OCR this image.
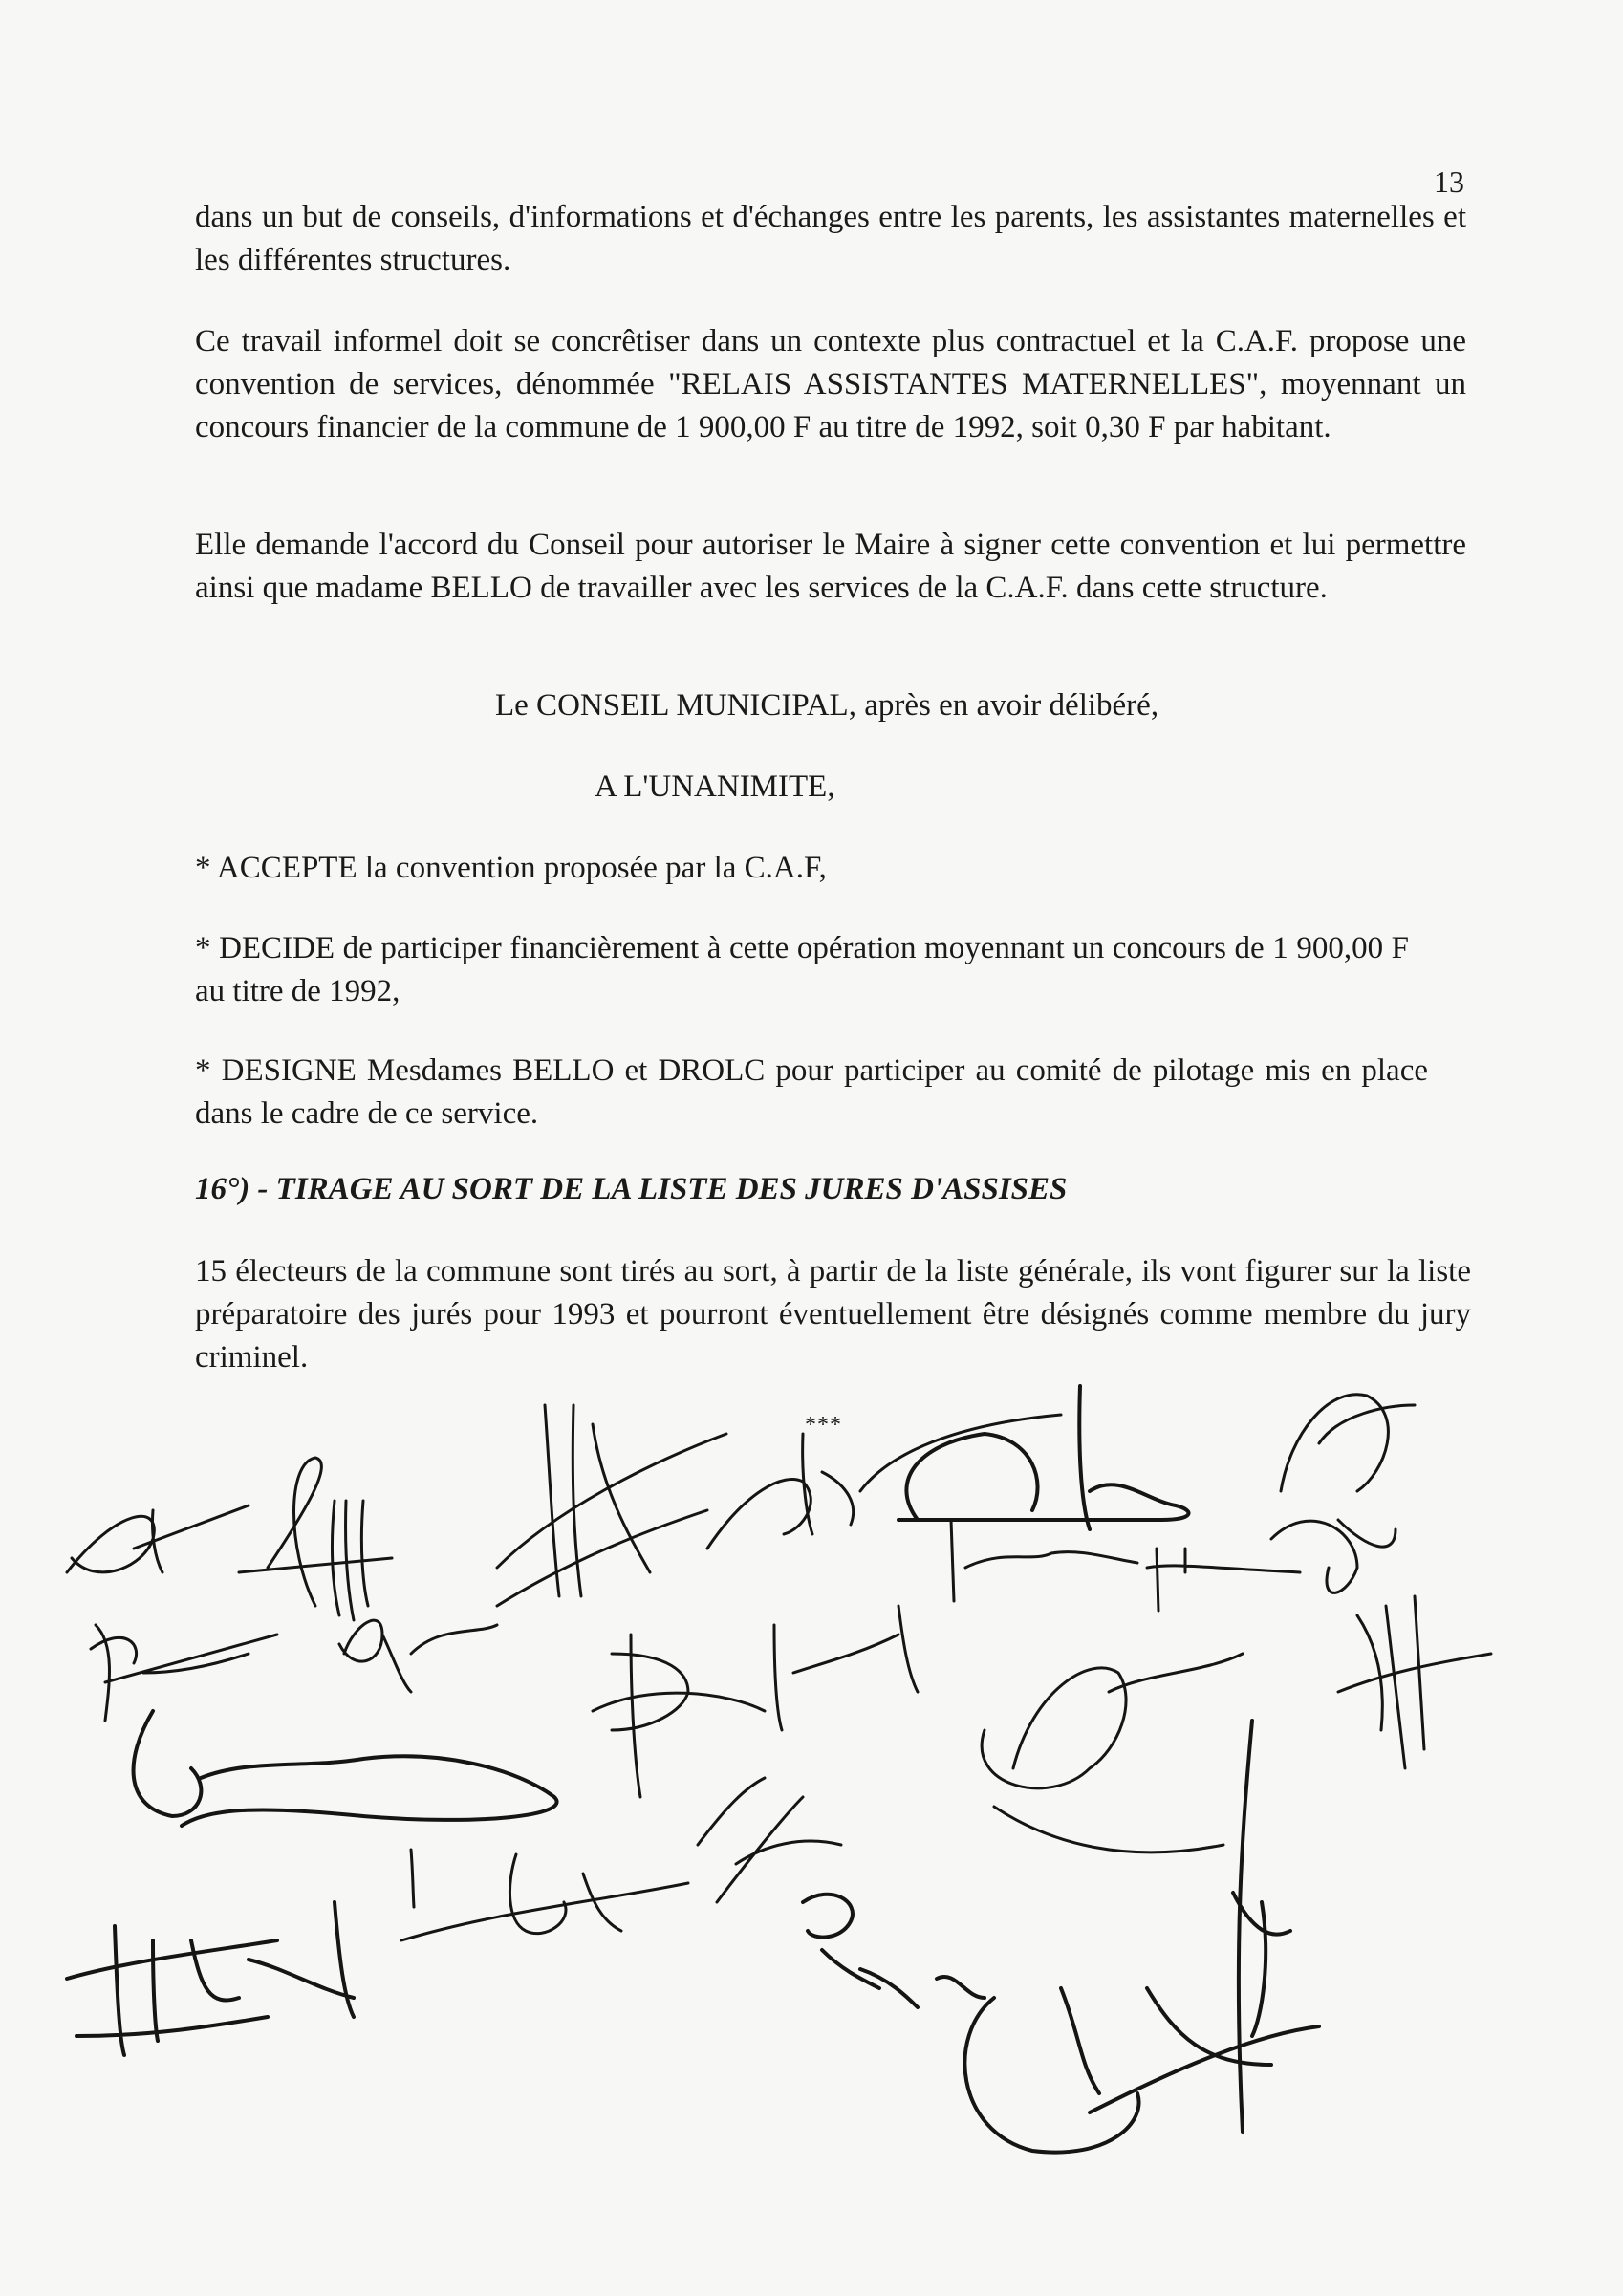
13

dans un but de conseils, d'informations et d'échanges entre les parents, les assistantes maternelles et les différentes structures.

Ce travail informel doit se concrêtiser dans un contexte plus contractuel et la C.A.F. propose une convention de services, dénommée "RELAIS ASSISTANTES MATERNELLES", moyennant un concours financier de la commune de 1 900,00 F au titre de 1992, soit 0,30 F par habitant.

Elle demande l'accord du Conseil pour autoriser le Maire à signer cette convention et lui permettre ainsi que madame BELLO de travailler avec les services de la C.A.F. dans cette structure.

Le CONSEIL MUNICIPAL, après en avoir délibéré,
A L'UNANIMITE,

* ACCEPTE la convention proposée par la C.A.F,

* DECIDE de participer financièrement à cette opération moyennant un concours de 1 900,00 F au titre de 1992,

* DESIGNE Mesdames BELLO et DROLC pour participer au comité de pilotage mis en place dans le cadre de ce service.

16°) - TIRAGE AU SORT DE LA LISTE DES JURES D'ASSISES

15 électeurs de la commune sont tirés au sort, à partir de la liste générale, ils vont figurer sur la liste préparatoire des jurés pour 1993 et pourront éventuellement être désignés comme membre du jury criminel.

***
